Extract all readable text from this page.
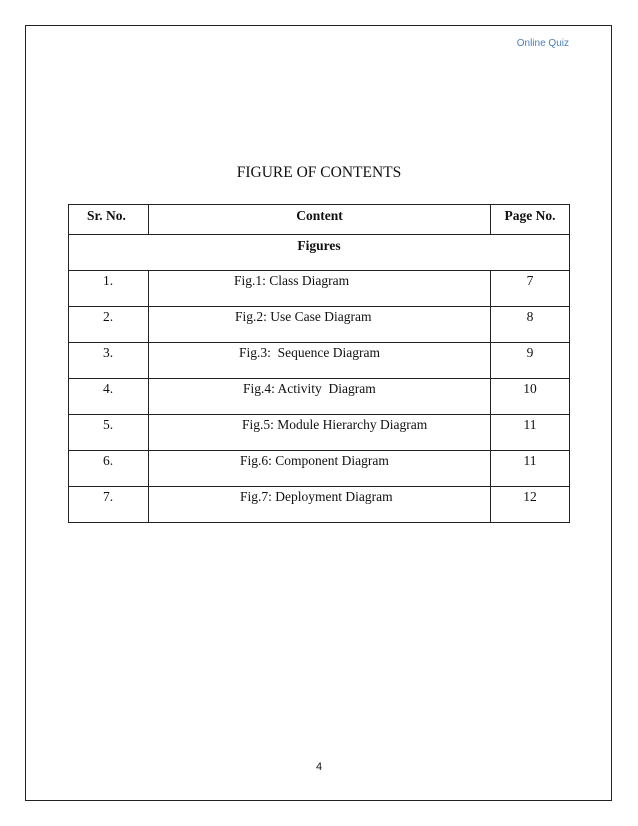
Online Quiz
FIGURE OF CONTENTS
Sr. No.	Content	Page No.
Figures		
1.	Fig.1: Class Diagram	7
2.	Fig.2: Use Case Diagram	8
3.	Fig.3:  Sequence Diagram	9
4.	Fig.4: Activity  Diagram	10
5.	Fig.5: Module Hierarchy Diagram	11
6.	Fig.6: Component Diagram	11
7.	Fig.7: Deployment Diagram	12
4
